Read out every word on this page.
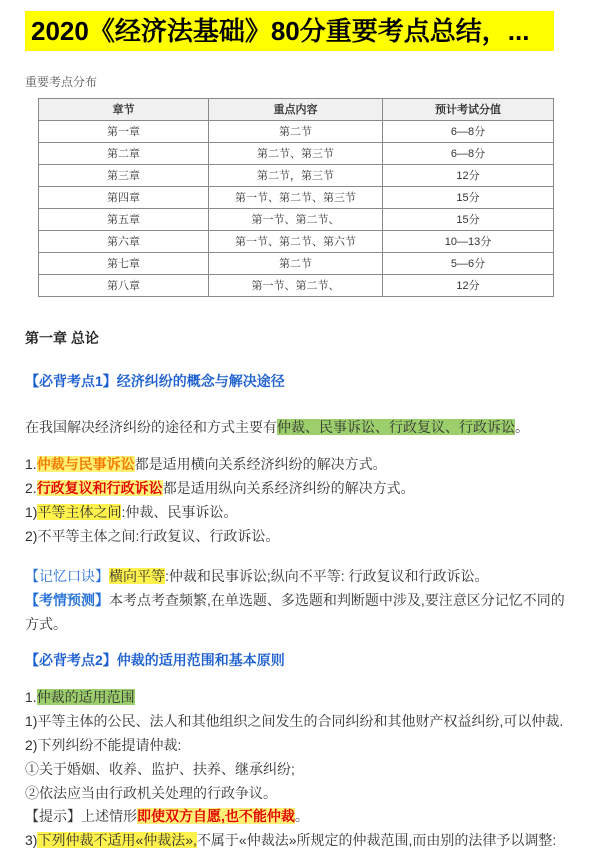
2020《经济法基础》80分重要考点总结，...
重要考点分布
章节	重点内容	预计考试分值
第一章	第二节	6—8分
第二章	第二节、第三节	6—8分
第三章	第二节，第三节	12分
第四章	第一节、第二节、第三节	15分
第五章	第一节、第二节、	15分
第六章	第一节、第二节、第六节	10—13分
第七章	第二节	5—6分
第八章	第一节、第二节、	12分
第一章 总论
【必背考点1】经济纠纷的概念与解决途径
在我国解决经济纠纷的途径和方式主要有仲裁、民事诉讼、行政复议、行政诉讼。
1.仲裁与民事诉讼都是适用横向关系经济纠纷的解决方式。
2.行政复议和行政诉讼都是适用纵向关系经济纠纷的解决方式。
1)平等主体之间:仲裁、民事诉讼。
2)不平等主体之间:行政复议、行政诉讼。
【记忆口诀】横向平等:仲裁和民事诉讼;纵向不平等: 行政复议和行政诉讼。
【考情预测】本考点考查频繁,在单选题、多选题和判断题中涉及,要注意区分记忆不同的方式。
【必背考点2】仲裁的适用范围和基本原则
1.仲裁的适用范围
1)平等主体的公民、法人和其他组织之间发生的合同纠纷和其他财产权益纠纷,可以仲裁.
2)下列纠纷不能提请仲裁:
①关于婚姻、收养、监护、扶养、继承纠纷;
②依法应当由行政机关处理的行政争议。
【提示】上述情形即使双方自愿,也不能仲裁。
3)下列仲裁不适用«仲裁法»,不属于«仲裁法»所规定的仲裁范围,而由别的法律予以调整:
